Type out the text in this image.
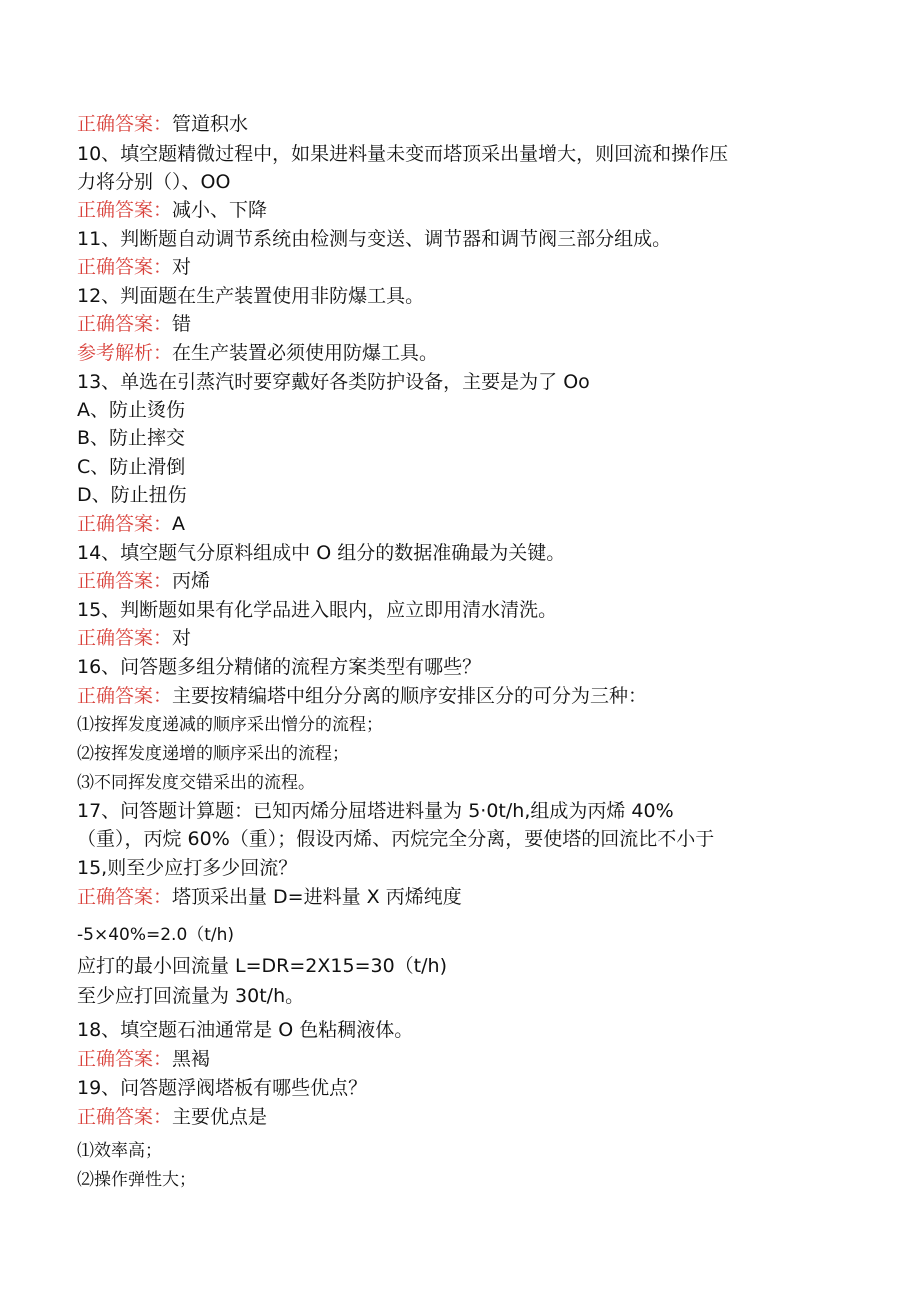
正确答案：管道积水
10、填空题精微过程中，如果进料量未变而塔顶采出量增大，则回流和操作压
力将分别（）、OO
正确答案：减小、下降
11、判断题自动调节系统由检测与变送、调节器和调节阀三部分组成。
正确答案：对
12、判面题在生产装置使用非防爆工具。
正确答案：错
参考解析：在生产装置必须使用防爆工具。
13、单选在引蒸汽时要穿戴好各类防护设备，主要是为了 Oo
A、防止烫伤
B、防止摔交
C、防止滑倒
D、防止扭伤
正确答案：A
14、填空题气分原料组成中 O 组分的数据准确最为关键。
正确答案：丙烯
15、判断题如果有化学品进入眼内，应立即用清水清洗。
正确答案：对
16、问答题多组分精储的流程方案类型有哪些？
正确答案：主要按精编塔中组分分离的顺序安排区分的可分为三种：
⑴按挥发度递减的顺序采出憎分的流程；
⑵按挥发度递增的顺序采出的流程；
⑶不同挥发度交错采出的流程。
17、问答题计算题：已知丙烯分屈塔进料量为 5·0t∕h,组成为丙烯 40%
（重），丙烷 60%（重）；假设丙烯、丙烷完全分离，要使塔的回流比不小于
15,则至少应打多少回流？
正确答案：塔顶采出量 D=进料量 X 丙烯纯度
-5×40%=2.0（t∕h)
应打的最小回流量 L=DR=2X15=30（t∕h)
至少应打回流量为 30t∕h。
18、填空题石油通常是 O 色粘稠液体。
正确答案：黑褐
19、问答题浮阀塔板有哪些优点？
正确答案：主要优点是
⑴效率高；
⑵操作弹性大；
